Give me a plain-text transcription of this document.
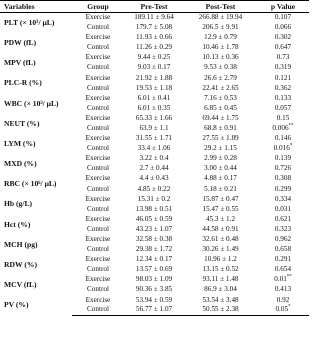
Variables	Group	Pre-Test	Post-Test	p Value
PLT (× 10³/ μL)	Exercise	189.11 ± 9.64	266.88 ± 19.94	0.107
	Control	179.7 ± 5.08	206.5 ± 9.91	0.066
PDW (fL)	Exercise	11.93 ± 0.66	12.9 ± 0.79	0.302
	Control	11.26 ± 0.29	10.46 ± 1.78	0.647
MPV (fL)	Exercise	9.44 ± 0.25	10.13 ± 0.36	0.73
	Control	9.03 ± 0.17	9.53 ± 0.38	0.319
PLC-R (%)	Exercise	21.92 ± 1.88	26.6 ± 2.79	0.121
	Control	19.53 ± 1.18	22.41 ± 2.65	0.362
WBC (× 10³/ μL)	Exercise	6.01 ± 0.41	7.16 ± 0.53	0.133
	Control	6.01 ± 0.35	6.85 ± 0.45	0.057
NEUT (%)	Exercise	65.33 ± 1.66	69.44 ± 1.75	0.15
	Control	63.9 ± 1.1	68.8 ± 0.91	0.006**
LYM (%)	Exercise	31.55 ± 1.71	27.55 ± 1.89	0.146
	Control	33.4 ± 1.06	29.2 ± 1.15	0.016*
MXD (%)	Exercise	3.22 ± 0.4	2.99 ± 0.28	0.139
	Control	2.7 ± 0.44	3.00 ± 0.44	0.726
RBC (× 10⁶/ μL)	Exercise	4.4 ± 0.43	4.88 ± 0.17	0.308
	Control	4.85 ± 0.22	5.18 ± 0.21	0.299
Hb (g/L)	Exercise	15.31 ± 0.2	15.87 ± 0.47	0.334
	Control	13.98 ± 0.51	15.47 ± 0.55	0.031
Hct (%)	Exercise	46.05 ± 0.59	45.3 ± 1.2	0.621
	Control	43.23 ± 1.07	44.58 ± 0.91	0.323
MCH (pg)	Exercise	32.58 ± 0.38	32.61 ± 0.48	0.962
	Control	29.38 ± 1.72	30.26 ± 1.49	0.658
RDW (%)	Exercise	12.34 ± 0.17	10.96 ± 1.2	0.291
	Control	13.57 ± 0.69	13.15 ± 0.52	0.654
MCV (fL)	Exercise	98.03 ± 1.09	93.11 ± 1.48	0.01**
	Control	90.36 ± 3.85	86.9 ± 3.04	0.413
PV (%)	Exercise	53.94 ± 0.59	53.54 ± 3.48	0.92
	Control	56.77 ± 1.07	50.55 ± 2.38	0.05*
